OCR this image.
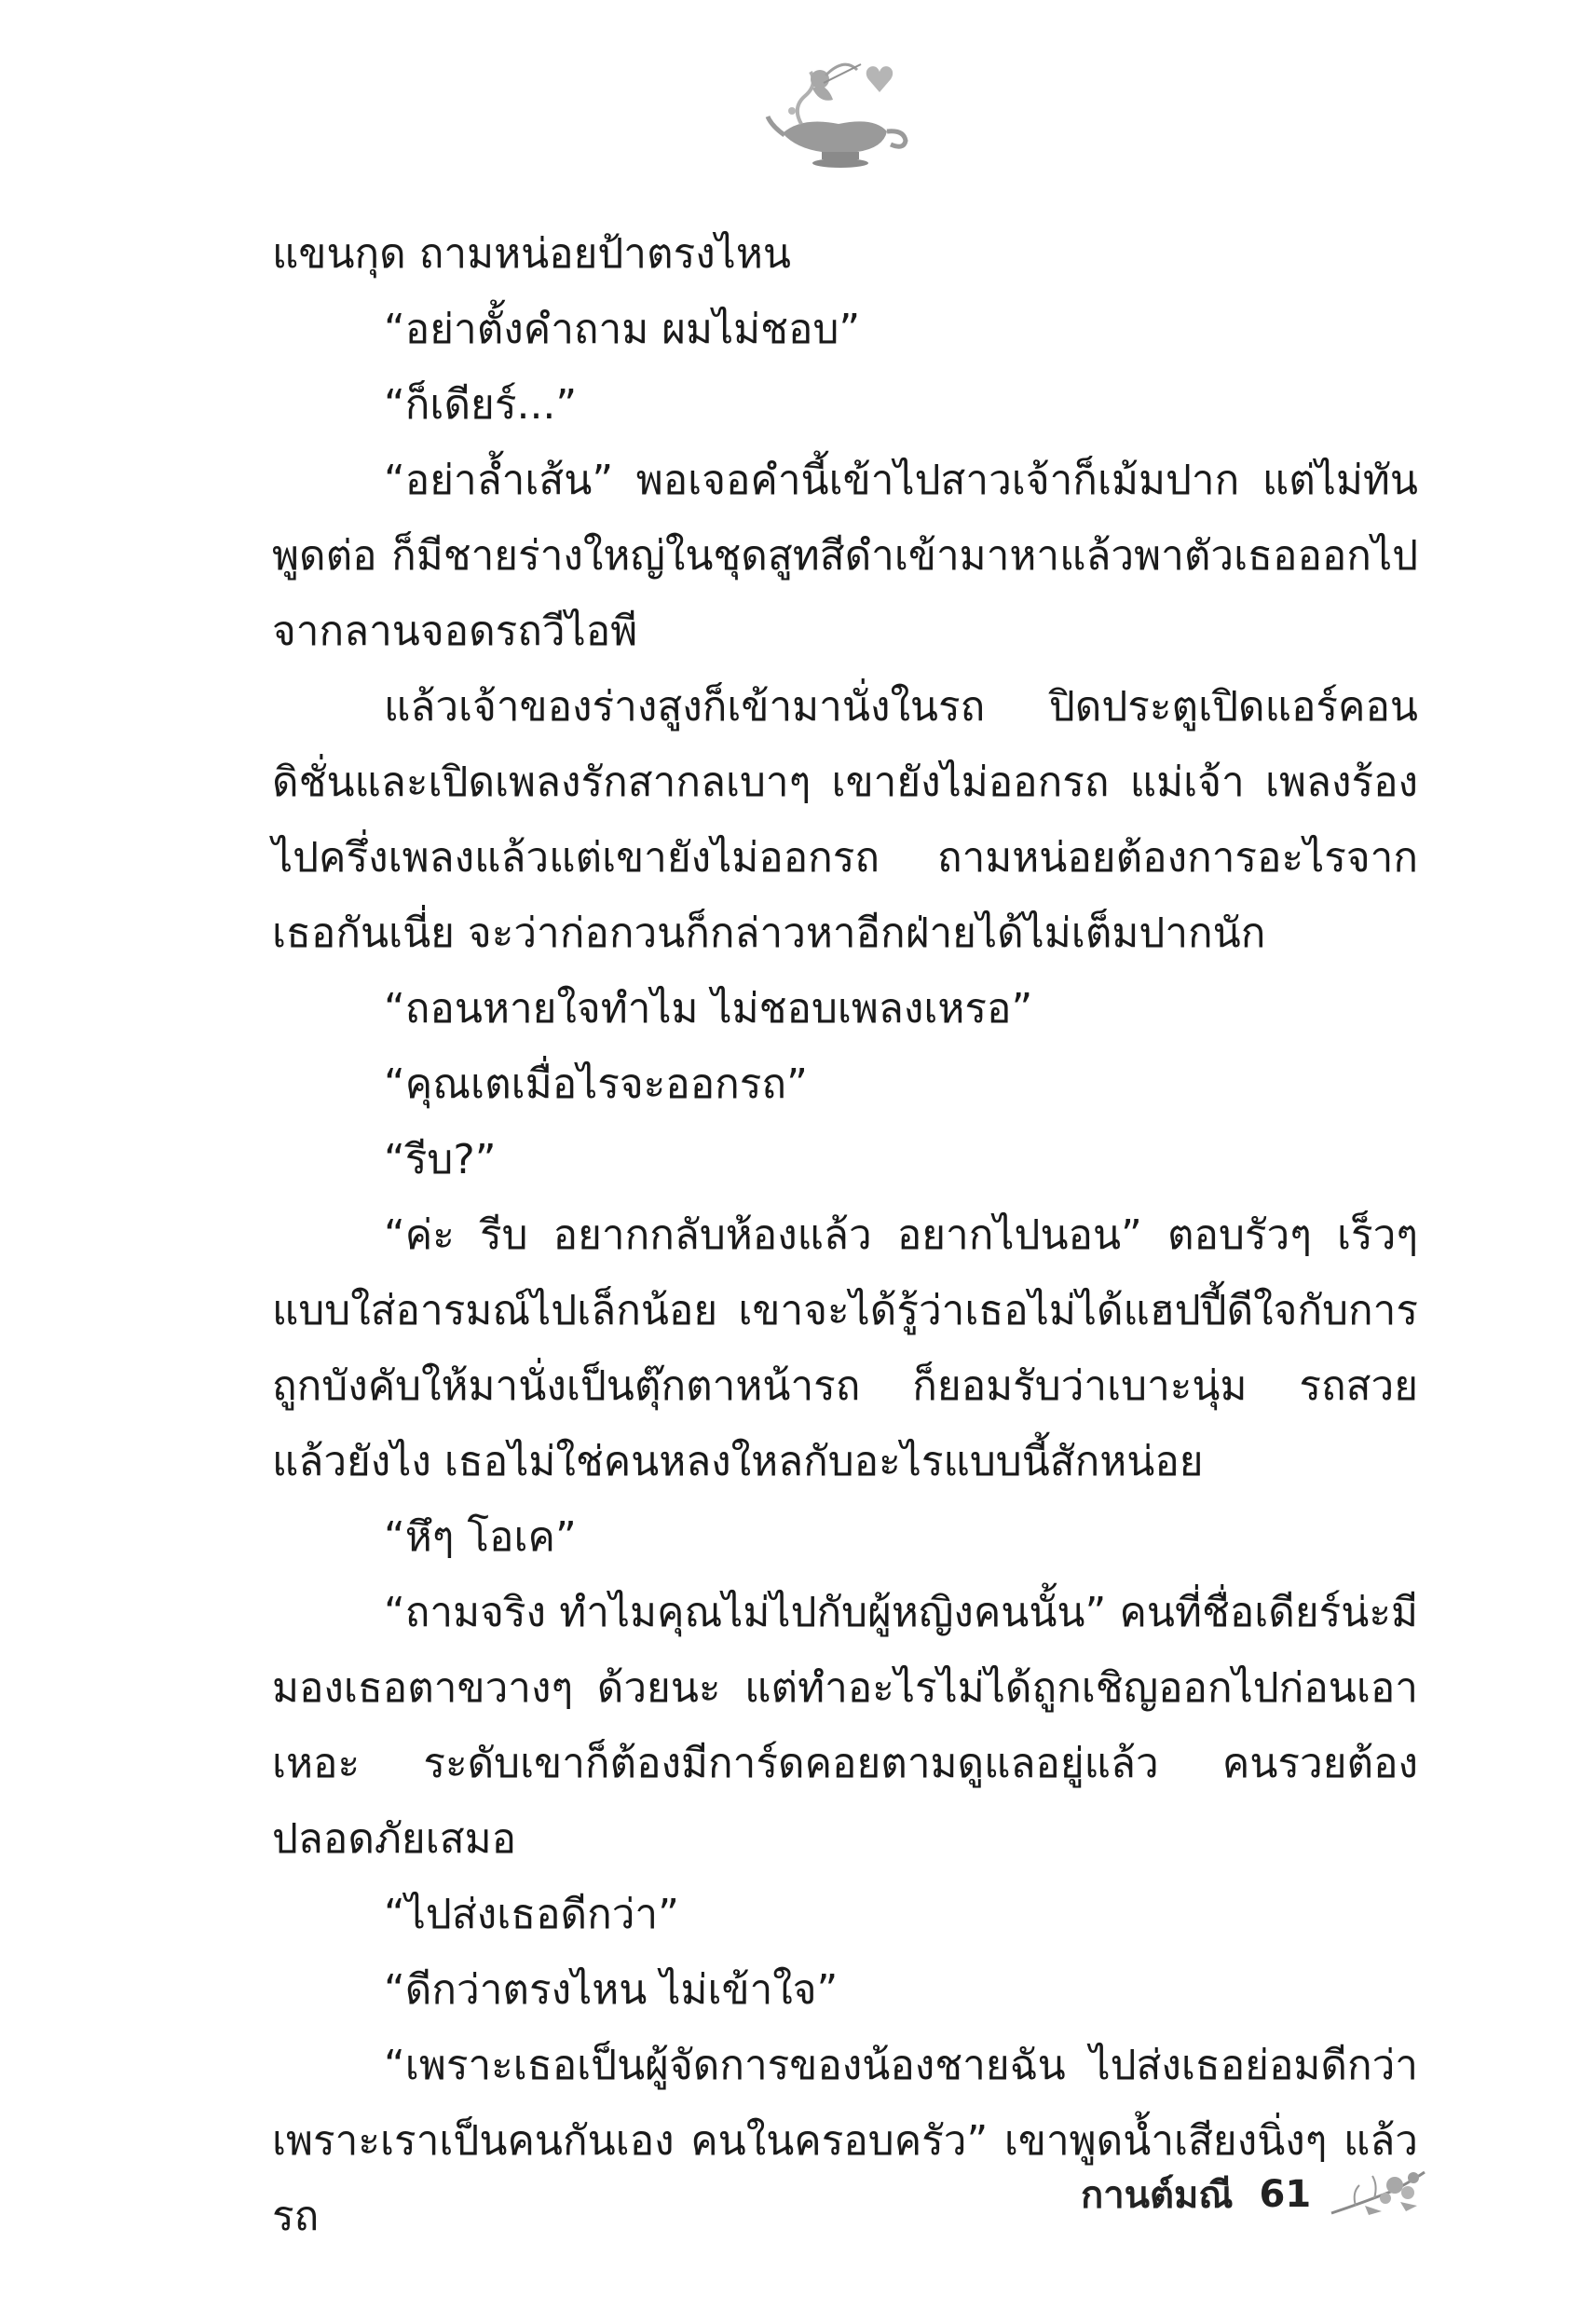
แขนกุด ถามหน่อยป้าตรงไหน

“อย่าตั้งคำถาม ผมไม่ชอบ”

“ก็เดียร์...”

“อย่าล้ำเส้น” พอเจอคำนี้เข้าไปสาวเจ้าก็เม้มปาก แต่ไม่ทันพูดต่อ ก็มีชายร่างใหญ่ในชุดสูทสีดำเข้ามาหาแล้วพาตัวเธอออกไปจากลานจอดรถวีไอพี

แล้วเจ้าของร่างสูงก็เข้ามานั่งในรถ ปิดประตูเปิดแอร์คอนดิชั่นและเปิดเพลงรักสากลเบาๆ เขายังไม่ออกรถ แม่เจ้า เพลงร้องไปครึ่งเพลงแล้วแต่เขายังไม่ออกรถ ถามหน่อยต้องการอะไรจากเธอกันเนี่ย จะว่าก่อกวนก็กล่าวหาอีกฝ่ายได้ไม่เต็มปากนัก

“ถอนหายใจทำไม ไม่ชอบเพลงเหรอ”

“คุณเตเมื่อไรจะออกรถ”

“รีบ?”

“ค่ะ รีบ อยากกลับห้องแล้ว อยากไปนอน” ตอบรัวๆ เร็วๆ แบบใส่อารมณ์ไปเล็กน้อย เขาจะได้รู้ว่าเธอไม่ได้แฮปปี้ดีใจกับการถูกบังคับให้มานั่งเป็นตุ๊กตาหน้ารถ ก็ยอมรับว่าเบาะนุ่ม รถสวย แล้วยังไง เธอไม่ใช่คนหลงใหลกับอะไรแบบนี้สักหน่อย

“หึๆ โอเค”

“ถามจริง ทำไมคุณไม่ไปกับผู้หญิงคนนั้น” คนที่ชื่อเดียร์น่ะมีมองเธอตาขวางๆ ด้วยนะ แต่ทำอะไรไม่ได้ถูกเชิญออกไปก่อนเอาเหอะ ระดับเขาก็ต้องมีการ์ดคอยตามดูแลอยู่แล้ว คนรวยต้องปลอดภัยเสมอ

“ไปส่งเธอดีกว่า”

“ดีกว่าตรงไหน ไม่เข้าใจ”

“เพราะเธอเป็นผู้จัดการของน้องชายฉัน ไปส่งเธอย่อมดีกว่าเพราะเราเป็นคนกันเอง คนในครอบครัว” เขาพูดน้ำเสียงนิ่งๆ แล้วรถ	กานต์มณี 61
